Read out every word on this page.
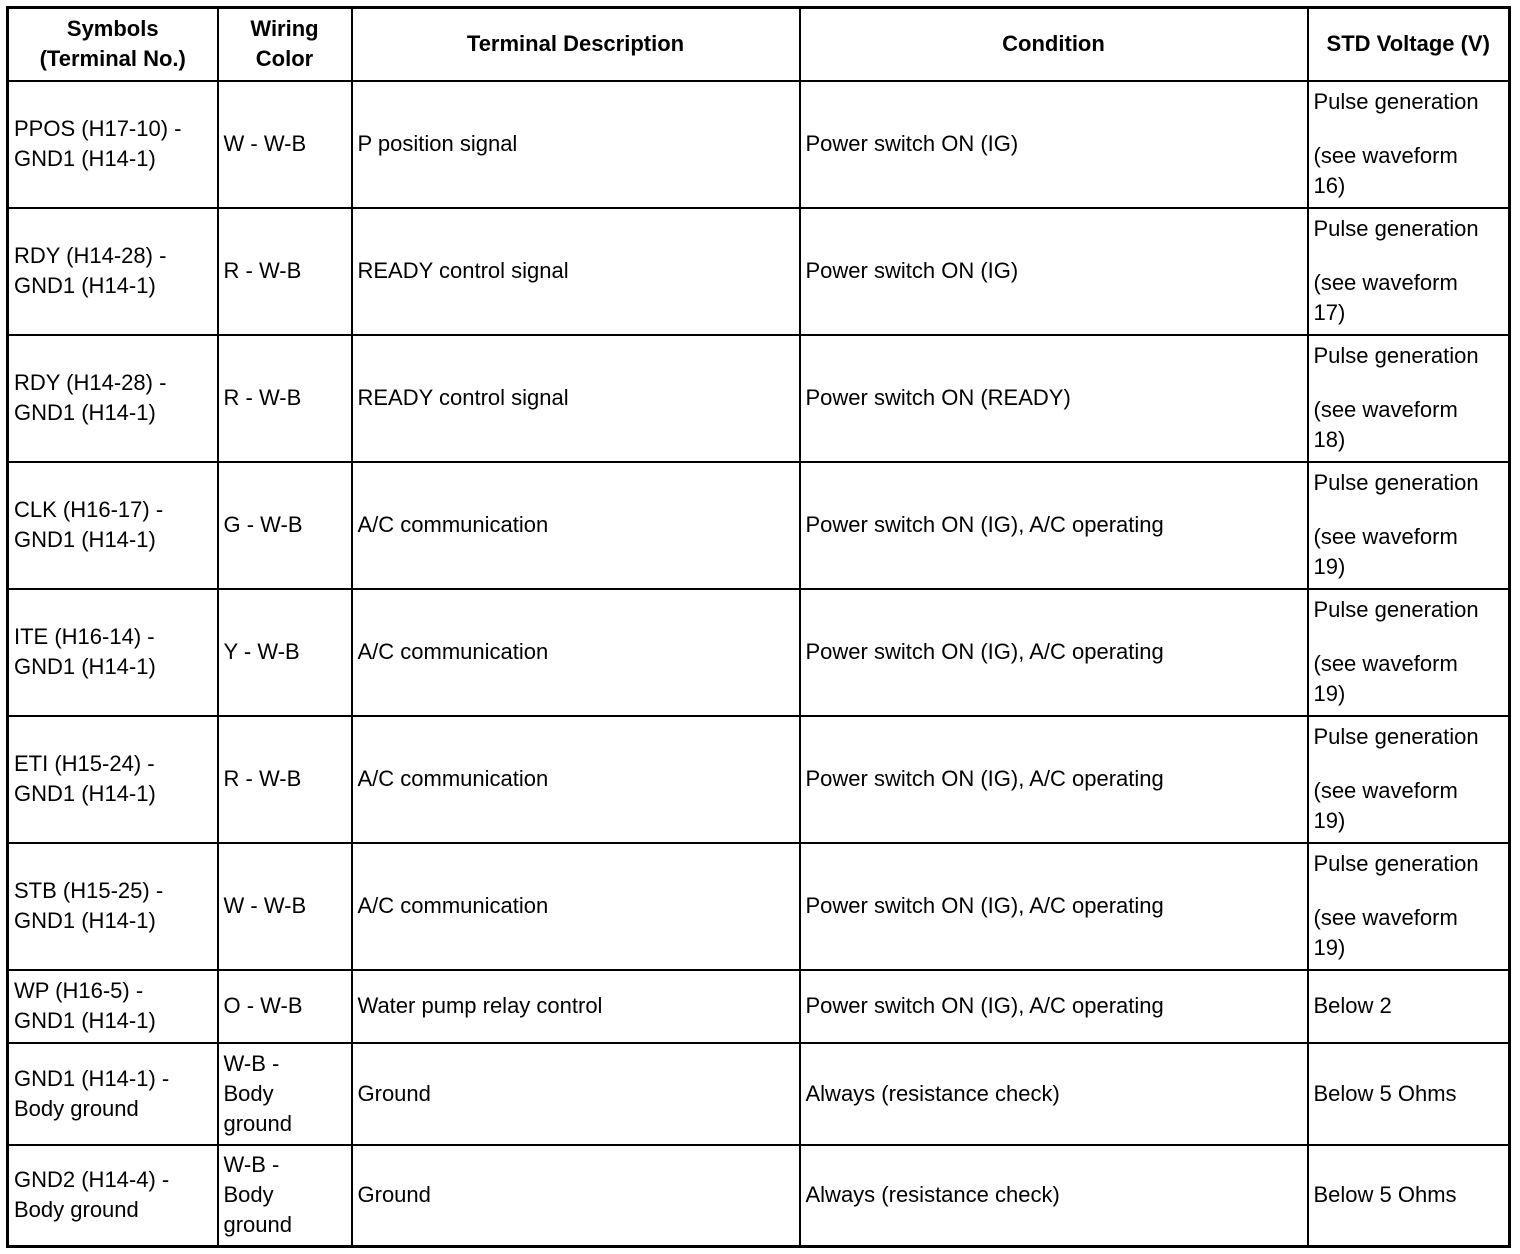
Symbols
(Terminal No.)	Wiring
Color	Terminal Description	Condition	STD Voltage (V)

PPOS (H17-10) -
GND1 (H14-1)	W - W-B	P position signal	Power switch ON (IG)	Pulse generation
(see waveform
16)

RDY (H14-28) -
GND1 (H14-1)	R - W-B	READY control signal	Power switch ON (IG)	Pulse generation
(see waveform
17)

RDY (H14-28) -
GND1 (H14-1)	R - W-B	READY control signal	Power switch ON (READY)	Pulse generation
(see waveform
18)

CLK (H16-17) -
GND1 (H14-1)	G - W-B	A/C communication	Power switch ON (IG), A/C operating	Pulse generation
(see waveform
19)

ITE (H16-14) -
GND1 (H14-1)	Y - W-B	A/C communication	Power switch ON (IG), A/C operating	Pulse generation
(see waveform
19)

ETI (H15-24) -
GND1 (H14-1)	R - W-B	A/C communication	Power switch ON (IG), A/C operating	Pulse generation
(see waveform
19)

STB (H15-25) -
GND1 (H14-1)	W - W-B	A/C communication	Power switch ON (IG), A/C operating	Pulse generation
(see waveform
19)

WP (H16-5) -
GND1 (H14-1)	O - W-B	Water pump relay control	Power switch ON (IG), A/C operating	Below 2

GND1 (H14-1) -
Body ground	W-B -
Body
ground	Ground	Always (resistance check)	Below 5 Ohms

GND2 (H14-4) -
Body ground	W-B -
Body
ground	Ground	Always (resistance check)	Below 5 Ohms
